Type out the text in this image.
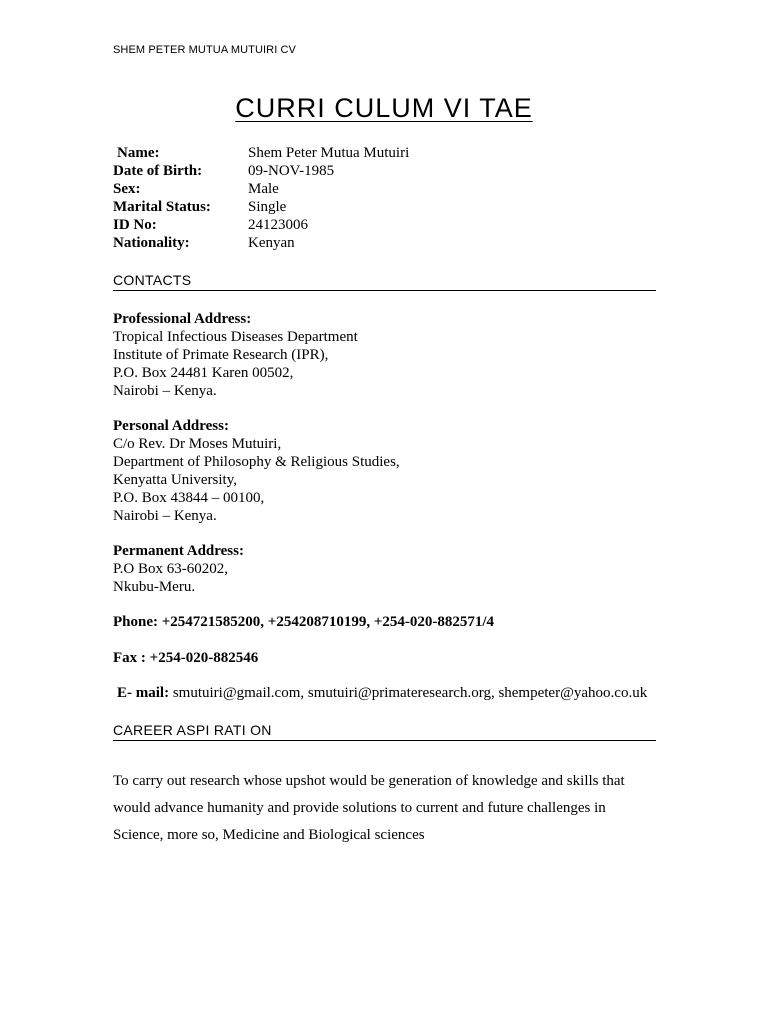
SHEM PETER MUTUA MUTUIRI CV
CURRI CULUM VI TAE
Name:	Shem Peter Mutua Mutuiri
Date of Birth:	09-NOV-1985
Sex:	Male
Marital Status:	Single
ID No:	24123006
Nationality:	Kenyan
CONTACTS
Professional Address:
Tropical Infectious Diseases Department
Institute of Primate Research (IPR),
P.O. Box 24481 Karen 00502,
Nairobi – Kenya.
Personal Address:
C/o Rev. Dr Moses Mutuiri,
Department of Philosophy & Religious Studies,
Kenyatta University,
P.O. Box 43844 – 00100,
Nairobi – Kenya.
Permanent Address:
P.O Box 63-60202,
Nkubu-Meru.
Phone: +254721585200, +254208710199, +254-020-882571/4
Fax : +254-020-882546
E- mail: smutuiri@gmail.com, smutuiri@primateresearch.org, shempeter@yahoo.co.uk
CAREER ASPI RATI ON
To carry out research whose upshot would be generation of knowledge and skills that would advance humanity and provide solutions to current and future challenges in Science, more so, Medicine and Biological sciences
